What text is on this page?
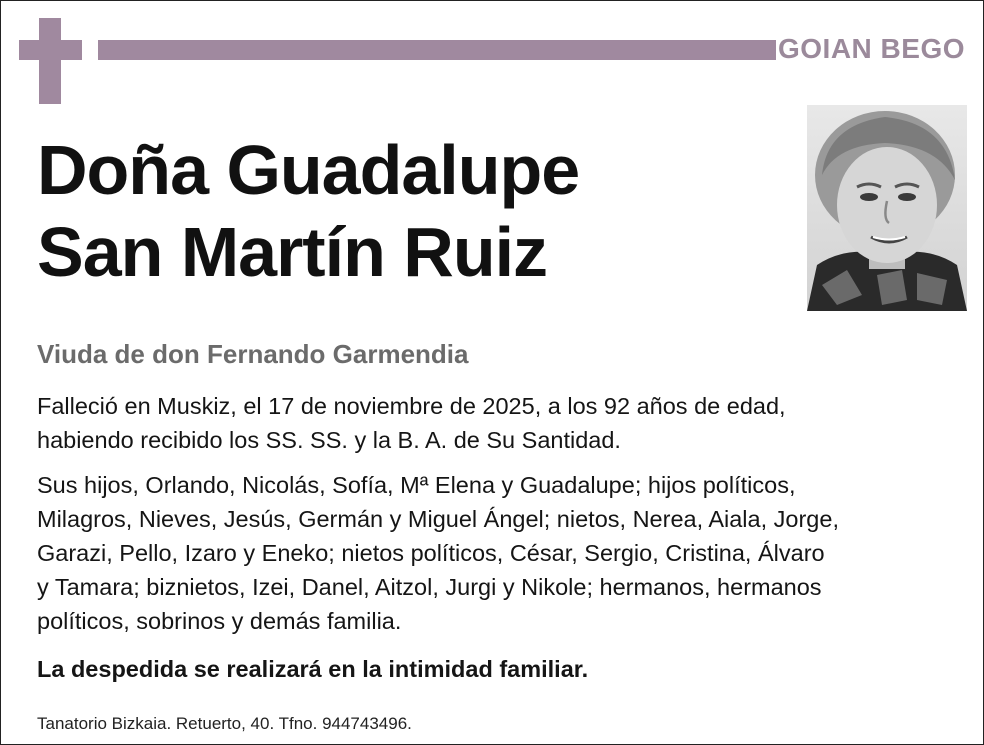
GOIAN BEGO
Doña Guadalupe
San Martín Ruiz
Viuda de don Fernando Garmendia
Falleció en Muskiz, el 17 de noviembre de 2025, a los 92 años de edad,
habiendo recibido los SS. SS. y la B. A. de Su Santidad.
Sus hijos, Orlando, Nicolás, Sofía, Mª Elena y Guadalupe; hijos políticos,
Milagros, Nieves, Jesús, Germán y Miguel Ángel; nietos, Nerea, Aiala, Jorge,
Garazi, Pello, Izaro y Eneko; nietos políticos, César, Sergio, Cristina, Álvaro
y Tamara; biznietos, Izei, Danel, Aitzol, Jurgi y Nikole; hermanos, hermanos
políticos, sobrinos y demás familia.
La despedida se realizará en la intimidad familiar.
Tanatorio Bizkaia. Retuerto, 40. Tfno. 944743496.
